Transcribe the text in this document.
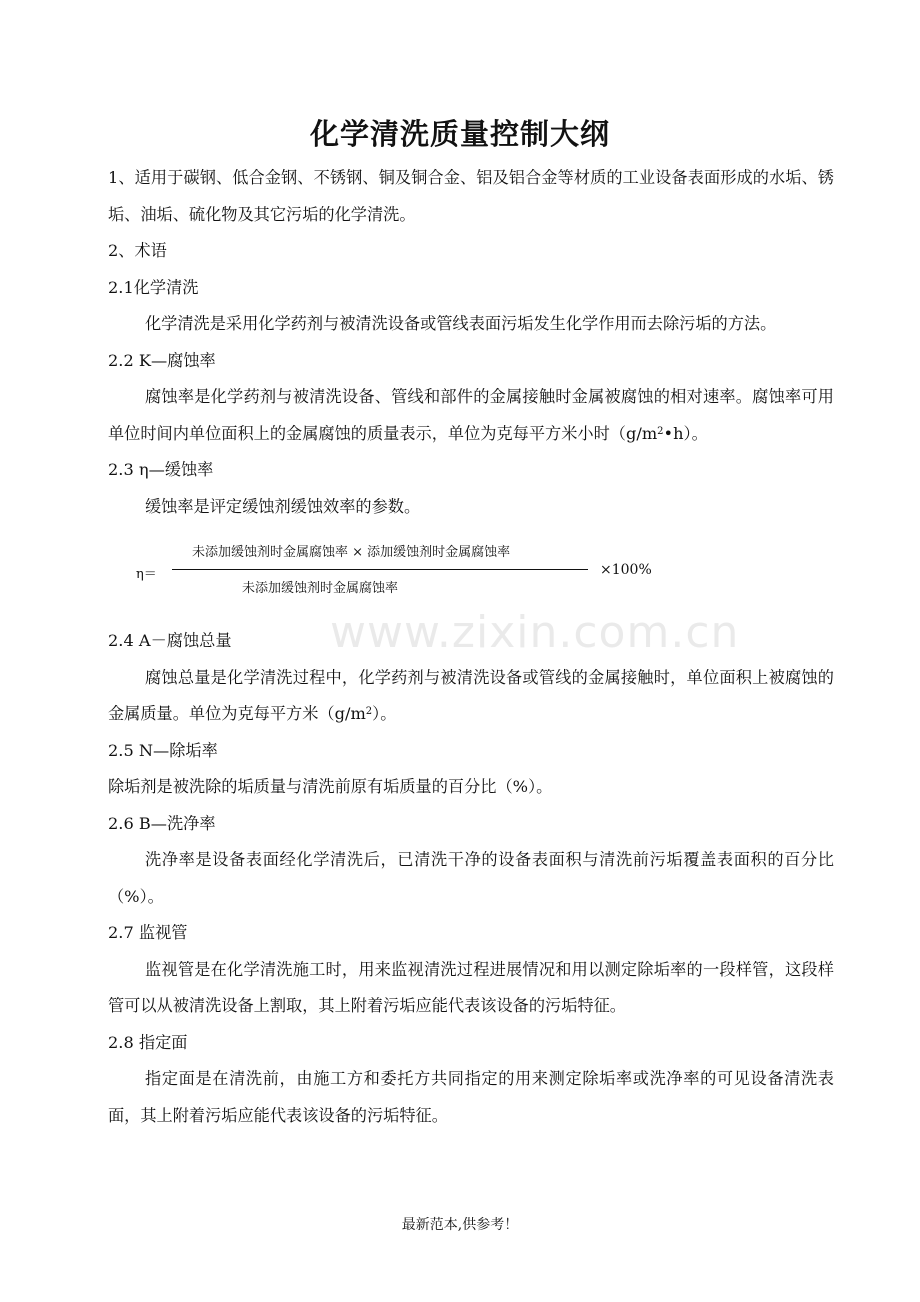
化学清洗质量控制大纲

1、适用于碳钢、低合金钢、不锈钢、铜及铜合金、铝及铝合金等材质的工业设备表面形成的水垢、锈垢、油垢、硫化物及其它污垢的化学清洗。

2、术语

2.1化学清洗

化学清洗是采用化学药剂与被清洗设备或管线表面污垢发生化学作用而去除污垢的方法。

2.2 K—腐蚀率

腐蚀率是化学药剂与被清洗设备、管线和部件的金属接触时金属被腐蚀的相对速率。腐蚀率可用单位时间内单位面积上的金属腐蚀的质量表示，单位为克每平方米小时$(g/m^2•h)$。

2.3 η—缓蚀率

缓蚀率是评定缓蚀剂缓蚀效率的参数。

η＝
未添加缓蚀剂时金属腐蚀率 × 添加缓蚀剂时金属腐蚀率
未添加缓蚀剂时金属腐蚀率
×100%

2.4 A－腐蚀总量

腐蚀总量是化学清洗过程中，化学药剂与被清洗设备或管线的金属接触时，单位面积上被腐蚀的金属质量。单位为克每平方米$(g/m^2)$。

2.5 N—除垢率

除垢剂是被洗除的垢质量与清洗前原有垢质量的百分比（%）。

2.6 B—洗净率

洗净率是设备表面经化学清洗后，已清洗干净的设备表面积与清洗前污垢覆盖表面积的百分比（%）。

2.7 监视管

监视管是在化学清洗施工时，用来监视清洗过程进展情况和用以测定除垢率的一段样管，这段样管可以从被清洗设备上割取，其上附着污垢应能代表该设备的污垢特征。

2.8 指定面

指定面是在清洗前，由施工方和委托方共同指定的用来测定除垢率或洗净率的可见设备清洗表面，其上附着污垢应能代表该设备的污垢特征。

www.zixin.com.cn
最新范本,供参考！
